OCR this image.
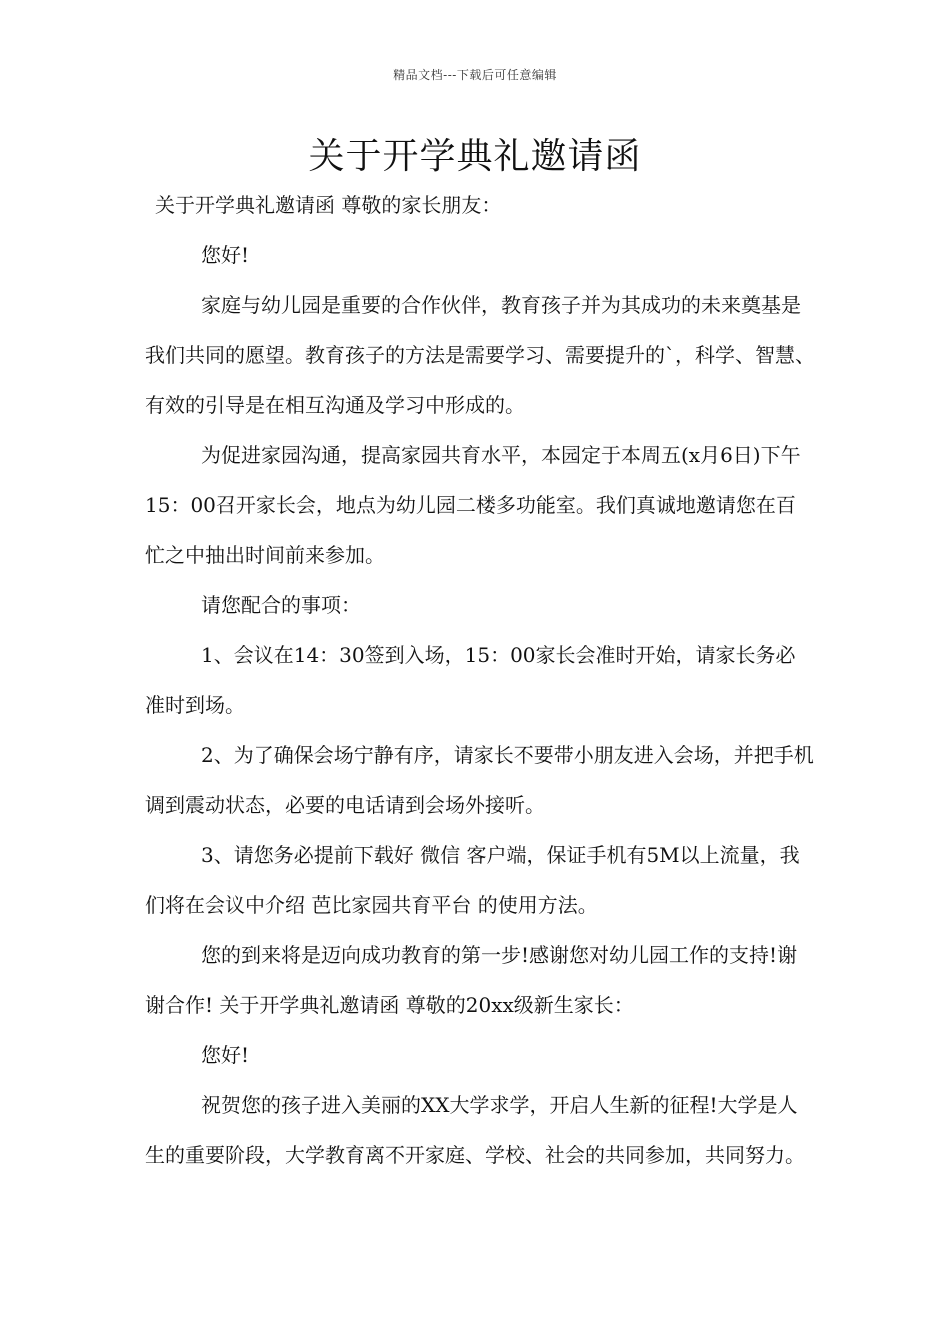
精品文档---下载后可任意编辑
关于开学典礼邀请函

关于开学典礼邀请函 尊敬的家长朋友：

您好!

家庭与幼儿园是重要的合作伙伴，教育孩子并为其成功的未来奠基是我们共同的愿望。教育孩子的方法是需要学习、需要提升的`，科学、智慧、有效的引导是在相互沟通及学习中形成的。

为促进家园沟通，提高家园共育水平，本园定于本周五(x月6日)下午15：00召开家长会，地点为幼儿园二楼多功能室。我们真诚地邀请您在百忙之中抽出时间前来参加。

请您配合的事项：

1、会议在14：30签到入场，15：00家长会准时开始，请家长务必准时到场。

2、为了确保会场宁静有序，请家长不要带小朋友进入会场，并把手机调到震动状态，必要的电话请到会场外接听。

3、请您务必提前下载好 微信 客户端，保证手机有5M以上流量，我们将在会议中介绍 芭比家园共育平台 的使用方法。

您的到来将是迈向成功教育的第一步!感谢您对幼儿园工作的支持!谢谢合作! 关于开学典礼邀请函 尊敬的20xx级新生家长：

您好!

祝贺您的孩子进入美丽的XX大学求学，开启人生新的征程!大学是人生的重要阶段，大学教育离不开家庭、学校、社会的共同参加，共同努力。
